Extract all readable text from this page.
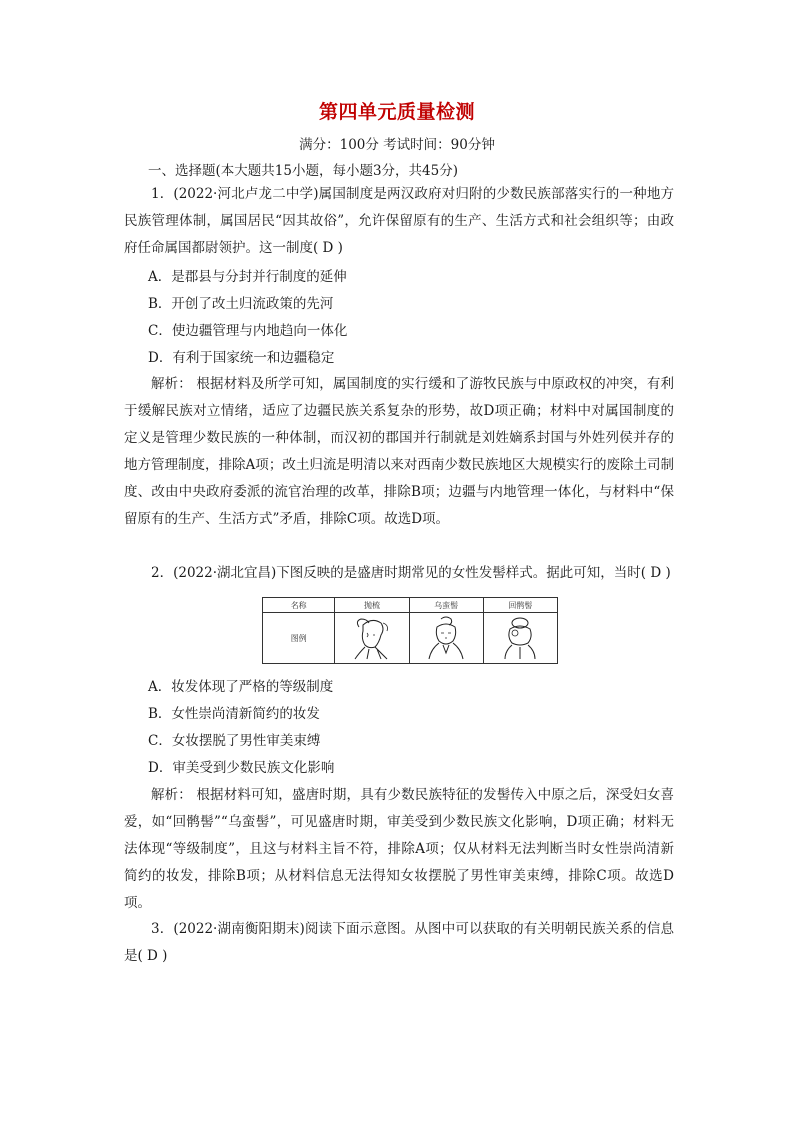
第四单元质量检测
满分：100分 考试时间：90分钟
一、选择题(本大题共15小题，每小题3分，共45分)
1．(2022·河北卢龙二中学)属国制度是两汉政府对归附的少数民族部落实行的一种地方民族管理体制，属国居民“因其故俗”，允许保留原有的生产、生活方式和社会组织等；由政府任命属国都尉领护。这一制度( D )
A．是郡县与分封并行制度的延伸
B．开创了改土归流政策的先河
C．使边疆管理与内地趋向一体化
D．有利于国家统一和边疆稳定
解析： 根据材料及所学可知，属国制度的实行缓和了游牧民族与中原政权的冲突，有利于缓解民族对立情绪，适应了边疆民族关系复杂的形势，故D项正确；材料中对属国制度的定义是管理少数民族的一种体制，而汉初的郡国并行制就是刘姓嫡系封国与外姓列侯并存的地方管理制度，排除A项；改土归流是明清以来对西南少数民族地区大规模实行的废除土司制度、改由中央政府委派的流官治理的改革，排除B项；边疆与内地管理一体化，与材料中“保留原有的生产、生活方式”矛盾，排除C项。故选D项。
2．(2022·湖北宜昌)下图反映的是盛唐时期常见的女性发髻样式。据此可知，当时( D )
名称	抛梳	乌蛮髻	回鹘髻
图例	

A．妆发体现了严格的等级制度
B．女性崇尚清新简约的妆发
C．女妆摆脱了男性审美束缚
D．审美受到少数民族文化影响
解析： 根据材料可知，盛唐时期，具有少数民族特征的发髻传入中原之后，深受妇女喜爱，如“回鹘髻”“乌蛮髻”，可见盛唐时期，审美受到少数民族文化影响，D项正确；材料无法体现“等级制度”，且这与材料主旨不符，排除A项；仅从材料无法判断当时女性崇尚清新简约的妆发，排除B项；从材料信息无法得知女妆摆脱了男性审美束缚，排除C项。故选D项。
3．(2022·湖南衡阳期末)阅读下面示意图。从图中可以获取的有关明朝民族关系的信息是( D )
